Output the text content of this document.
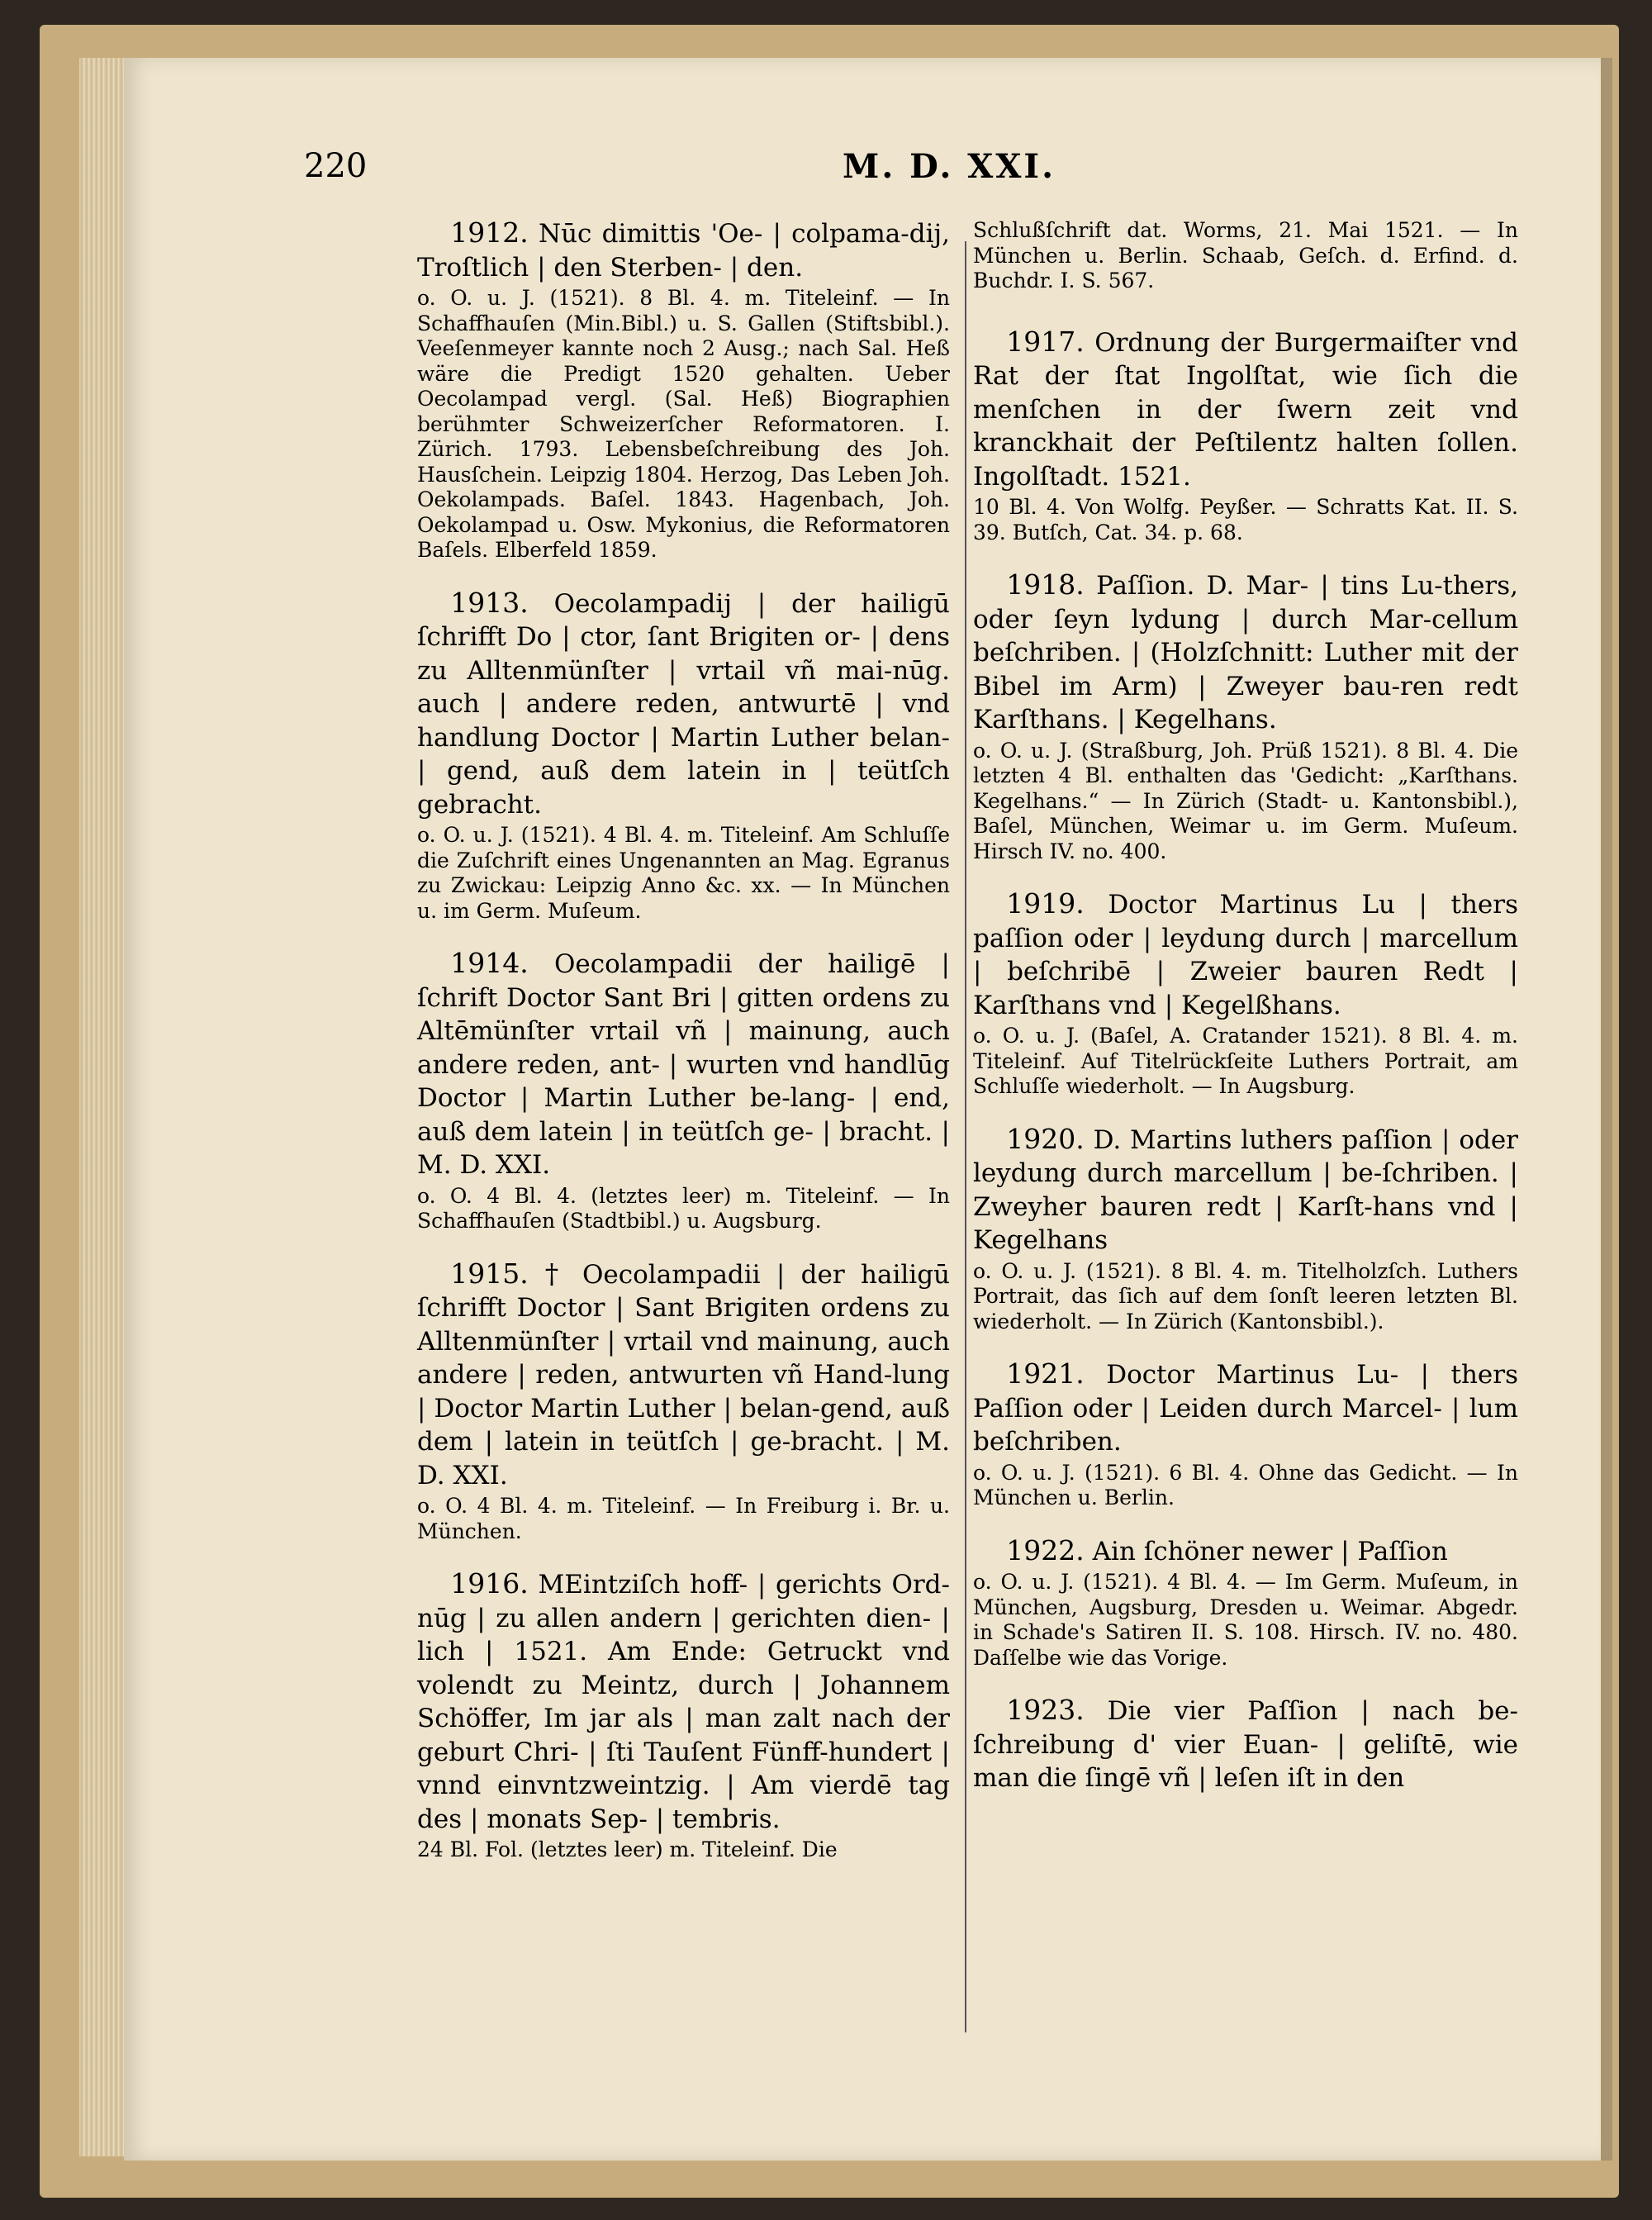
220	M. D. XXI.

1912. Nūc dimittis 'Oe- | colpama-dij, Troſtlich | den Sterben- | den.

o. O. u. J. (1521). 8 Bl. 4. m. Titeleinf. — In Schaffhauſen (Min.Bibl.) u. S. Gallen (Stiftsbibl.). Veeſenmeyer kannte noch 2 Ausg.; nach Sal. Heß wäre die Predigt 1520 gehalten. Ueber Oecolampad vergl. (Sal. Heß) Biographien berühmter Schweizerſcher Reformatoren. I. Zürich. 1793. Lebensbeſchreibung des Joh. Hausſchein. Leipzig 1804. Herzog, Das Leben Joh. Oekolampads. Baſel. 1843. Hagenbach, Joh. Oekolampad u. Osw. Mykonius, die Reformatoren Baſels. Elberfeld 1859.

1913. Oecolampadij | der hailigū ſchrifft Do | ctor, ſant Brigiten or- | dens zu Alltenmünſter | vrtail vñ mai-nūg. auch | andere reden, antwurtē | vnd handlung Doctor | Martin Luther belan- | gend, auß dem latein in | teütſch gebracht.

o. O. u. J. (1521). 4 Bl. 4. m. Titeleinf. Am Schluſſe die Zuſchrift eines Ungenannten an Mag. Egranus zu Zwickau: Leipzig Anno &c. xx. — In München u. im Germ. Muſeum.

1914. Oecolampadii der hailigē | ſchrift Doctor Sant Bri | gitten ordens zu Altēmünſter vrtail vñ | mainung, auch andere reden, ant- | wurten vnd handlūg Doctor | Martin Luther be-lang- | end, auß dem latein | in teütſch ge- | bracht. | M. D. XXI.

o. O. 4 Bl. 4. (letztes leer) m. Titeleinf. — In Schaffhauſen (Stadtbibl.) u. Augsburg.

1915. † Oecolampadii | der hailigū ſchrifft Doctor | Sant Brigiten ordens zu Alltenmünſter | vrtail vnd mainung, auch andere | reden, antwurten vñ Hand-lung | Doctor Martin Luther | belan-gend, auß dem | latein in teütſch | ge-bracht. | M. D. XXI.

o. O. 4 Bl. 4. m. Titeleinf. — In Freiburg i. Br. u. München.

1916. MEintziſch hoff- | gerichts Ord-nūg | zu allen andern | gerichten dien- | lich | 1521. Am Ende: Getruckt vnd volendt zu Meintz, durch | Johannem Schöffer, Im jar als | man zalt nach der geburt Chri- | ſti Tauſent Fünff-hundert | vnnd einvntzweintzig. | Am vierdē tag des | monats Sep- | tembris.

24 Bl. Fol. (letztes leer) m. Titeleinf. Die

Schlußſchrift dat. Worms, 21. Mai 1521. — In München u. Berlin. Schaab, Geſch. d. Erfind. d. Buchdr. I. S. 567.

1917. Ordnung der Burgermaiſter vnd Rat der ſtat Ingolſtat, wie ſich die menſchen in der ſwern zeit vnd kranckhait der Peſtilentz halten ſollen. Ingolſtadt. 1521.

10 Bl. 4. Von Wolfg. Peyßer. — Schratts Kat. II. S. 39. Butſch, Cat. 34. p. 68.

1918. Paſſion. D. Mar- | tins Lu-thers, oder ſeyn lydung | durch Mar-cellum beſchriben. | (Holzſchnitt: Luther mit der Bibel im Arm) | Zweyer bau-ren redt Karſthans. | Kegelhans.

o. O. u. J. (Straßburg, Joh. Prüß 1521). 8 Bl. 4. Die letzten 4 Bl. enthalten das 'Gedicht: „Karſthans. Kegelhans.“ — In Zürich (Stadt- u. Kantonsbibl.), Baſel, München, Weimar u. im Germ. Muſeum. Hirsch IV. no. 400.

1919. Doctor Martinus Lu | thers paſſion oder | leydung durch | marcellum | beſchribē | Zweier bauren Redt | Karſthans vnd | Kegelßhans.

o. O. u. J. (Baſel, A. Cratander 1521). 8 Bl. 4. m. Titeleinf. Auf Titelrückſeite Luthers Portrait, am Schluſſe wiederholt. — In Augsburg.

1920. D. Martins luthers paſſion | oder leydung durch marcellum | be-ſchriben. | Zweyher bauren redt | Karſt-hans vnd | Kegelhans

o. O. u. J. (1521). 8 Bl. 4. m. Titelholzſch. Luthers Portrait, das ſich auf dem ſonſt leeren letzten Bl. wiederholt. — In Zürich (Kantonsbibl.).

1921. Doctor Martinus Lu- | thers Paſſion oder | Leiden durch Marcel- | lum beſchriben.

o. O. u. J. (1521). 6 Bl. 4. Ohne das Gedicht. — In München u. Berlin.

1922. Ain ſchöner newer | Paſſion

o. O. u. J. (1521). 4 Bl. 4. — Im Germ. Muſeum, in München, Augsburg, Dresden u. Weimar. Abgedr. in Schade's Satiren II. S. 108. Hirsch. IV. no. 480. Daſſelbe wie das Vorige.

1923. Die vier Paſſion | nach be-ſchreibung d' vier Euan- | geliſtē, wie man die ſingē vñ | leſen iſt in den
